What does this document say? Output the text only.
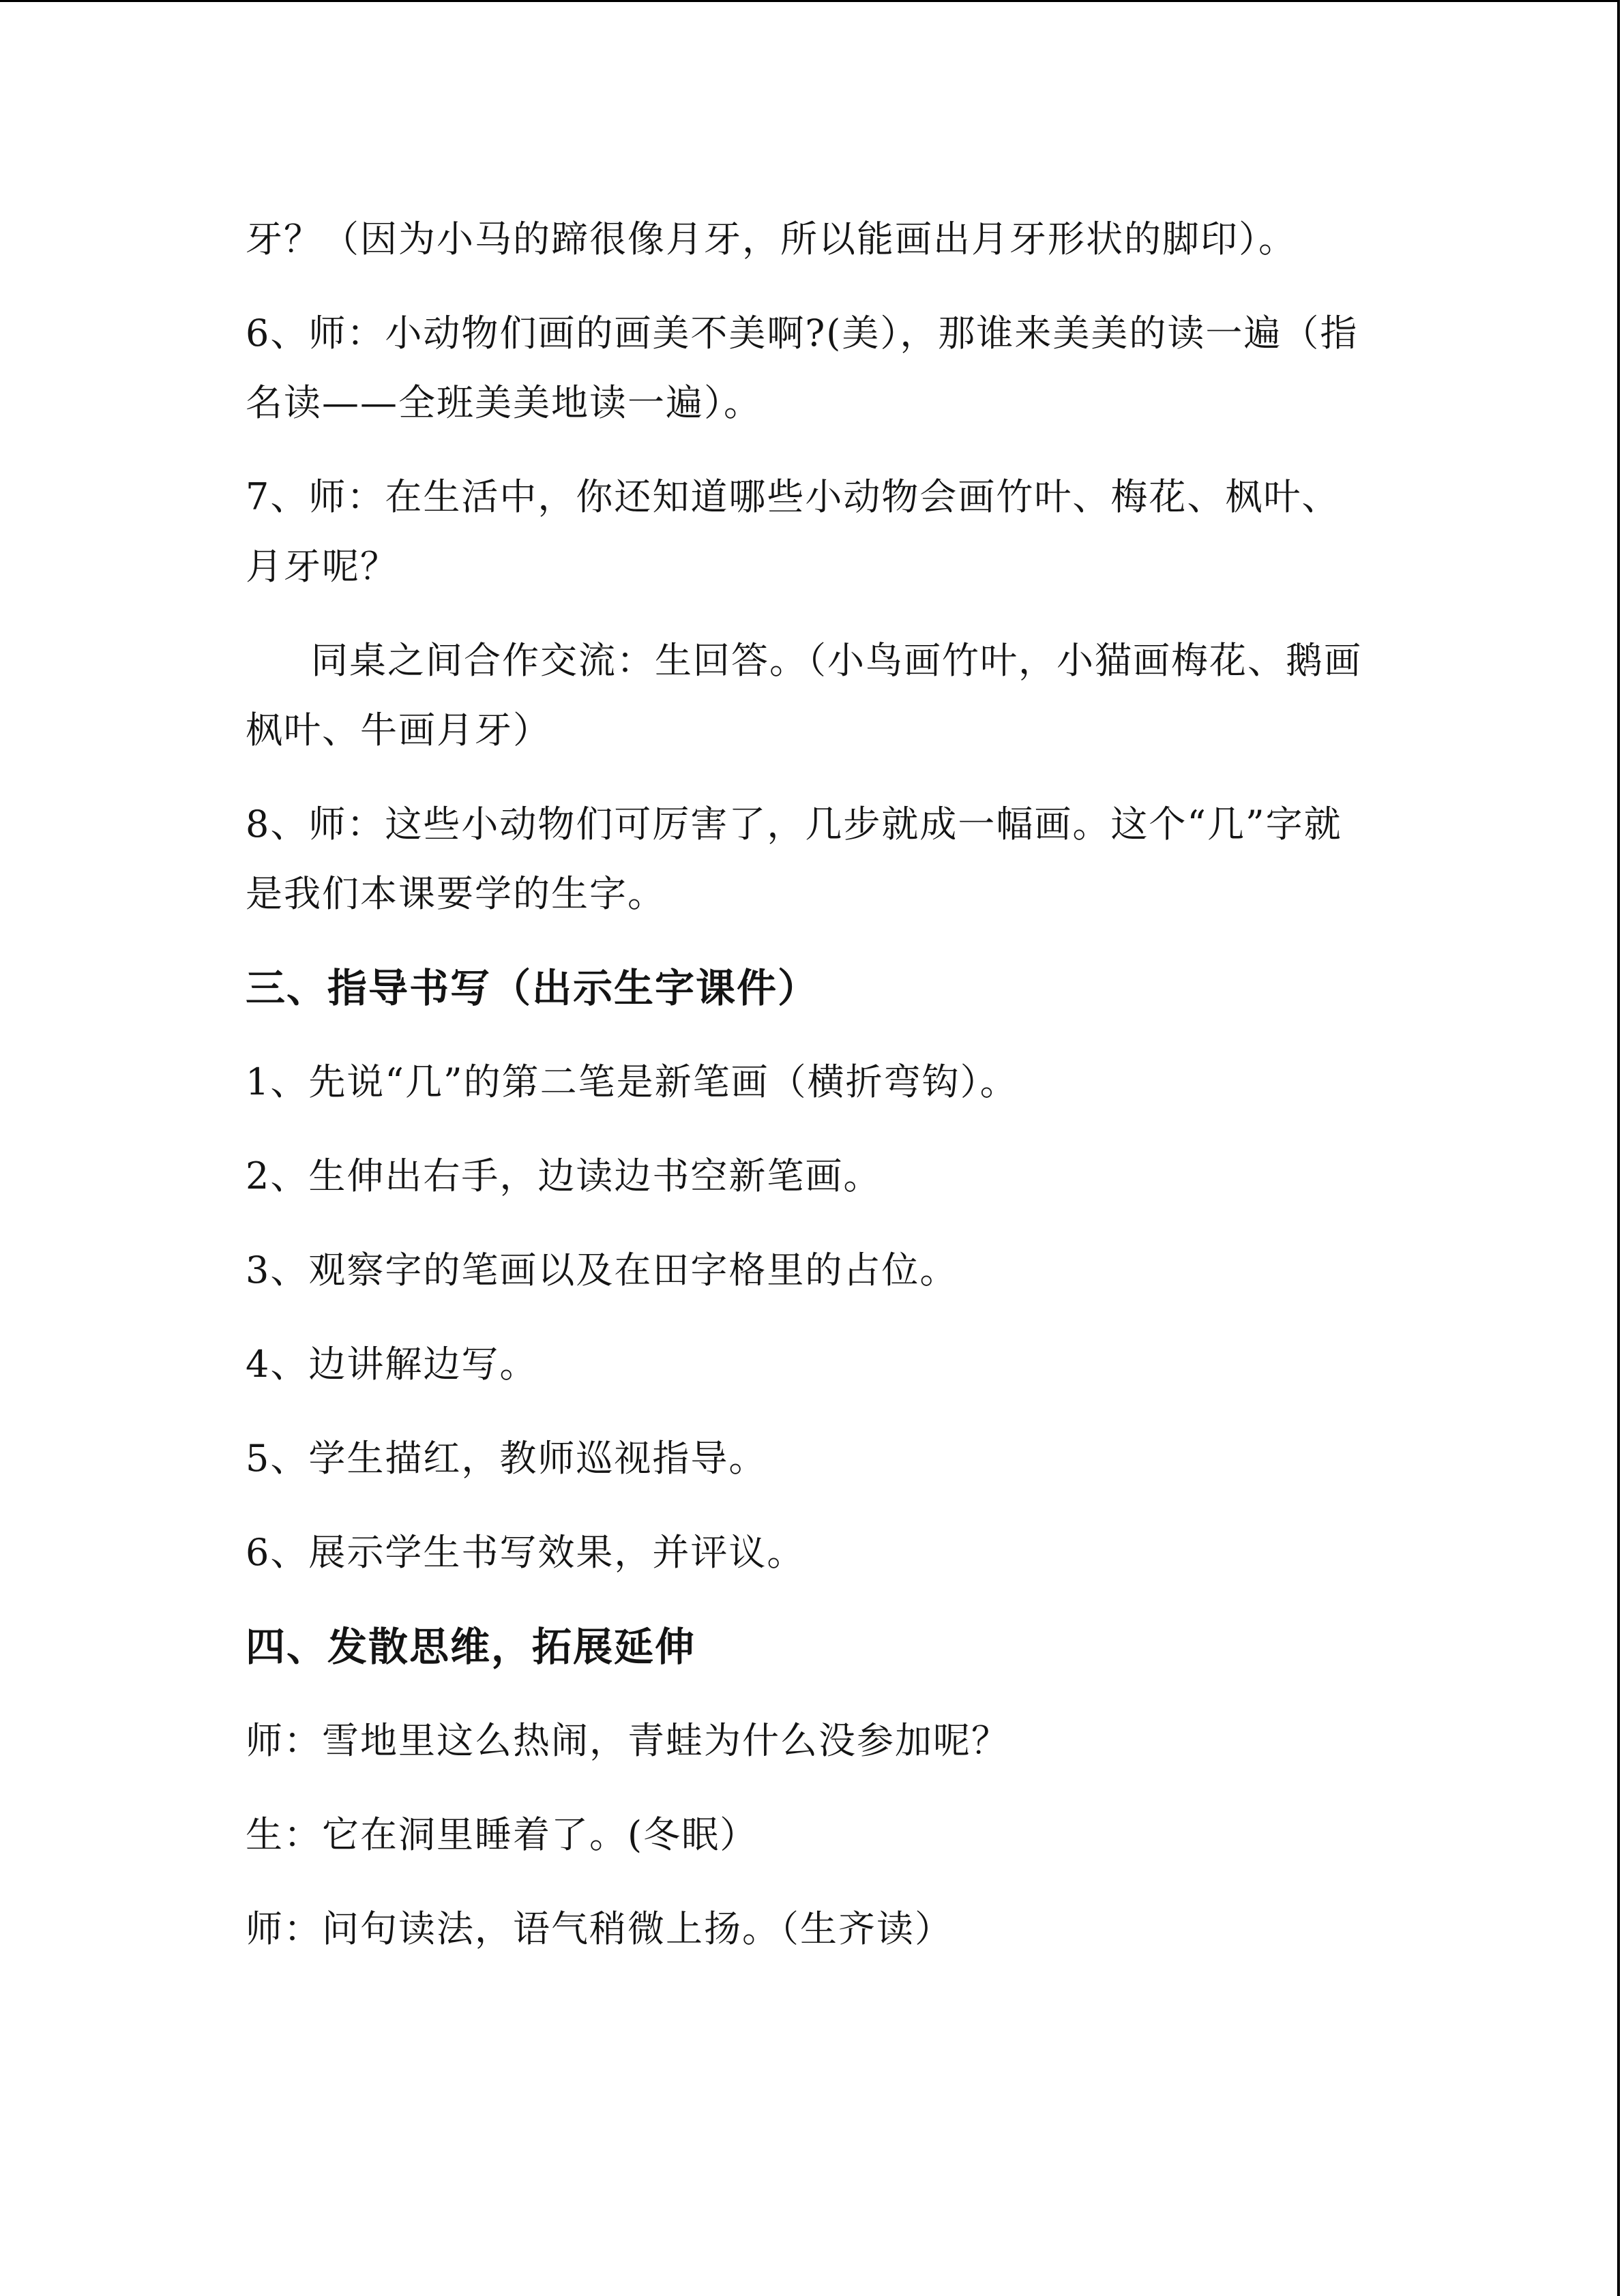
牙？（因为小马的蹄很像月牙，所以能画出月牙形状的脚印）。

6、师：小动物们画的画美不美啊?(美），那谁来美美的读一遍（指名读——全班美美地读一遍）。

7、师：在生活中，你还知道哪些小动物会画竹叶、梅花、枫叶、月牙呢？

同桌之间合作交流：生回答。（小鸟画竹叶，小猫画梅花、鹅画枫叶、牛画月牙）

8、师：这些小动物们可厉害了，几步就成一幅画。这个“几”字就是我们本课要学的生字。

三、指导书写（出示生字课件）

1、先说“几”的第二笔是新笔画（横折弯钩）。

2、生伸出右手，边读边书空新笔画。

3、观察字的笔画以及在田字格里的占位。

4、边讲解边写。

5、学生描红，教师巡视指导。

6、展示学生书写效果，并评议。

四、发散思维，拓展延伸

师：雪地里这么热闹，青蛙为什么没参加呢？

生：它在洞里睡着了。(冬眠）

师：问句读法，语气稍微上扬。（生齐读）
